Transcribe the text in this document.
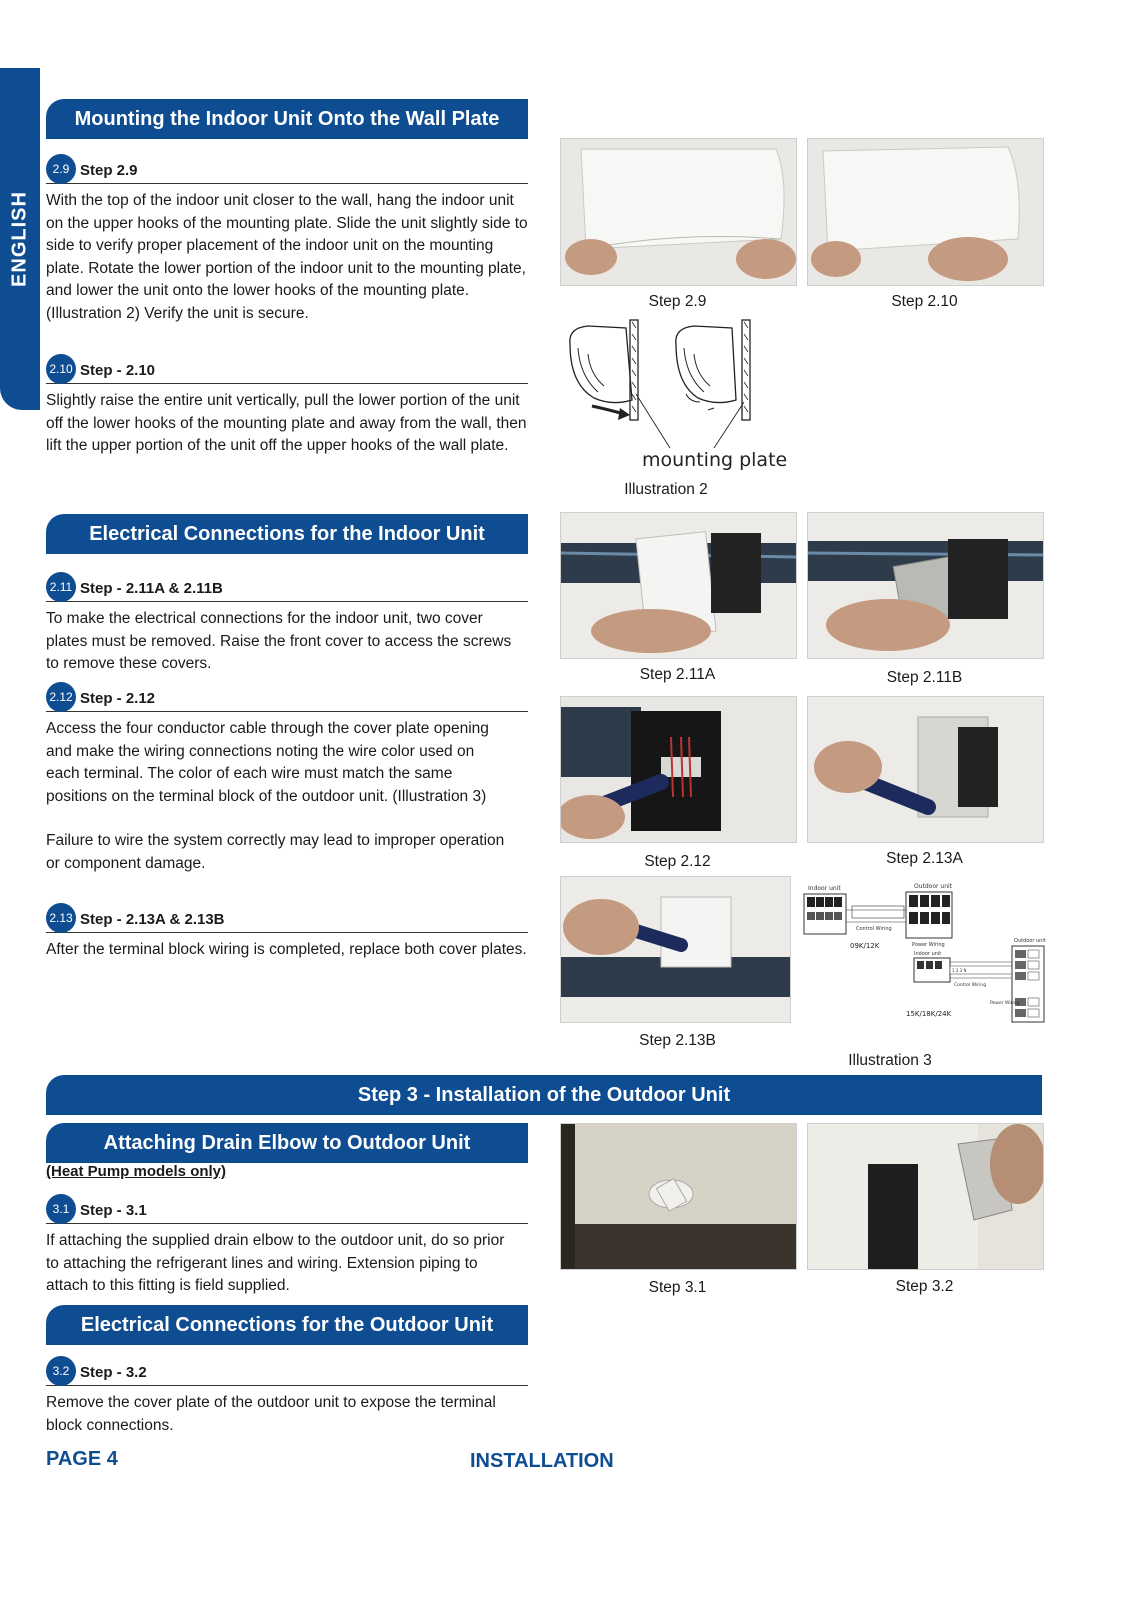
ENGLISH
Mounting the Indoor Unit Onto the Wall Plate
2.9 Step 2.9

With the top of the indoor unit closer to the wall, hang the indoor unit on the upper hooks of the mounting plate. Slide the unit slightly side to side to verify proper placement of the indoor unit on the mounting plate. Rotate the lower portion of the indoor unit to the mounting plate, and lower the unit onto the lower hooks of the mounting plate. (Illustration 2) Verify the unit is secure.

2.10 Step - 2.10

Slightly raise the entire unit vertically, pull the lower portion of the unit off the lower hooks of the mounting plate and away from the wall, then lift the upper portion of the unit off the upper hooks of the wall plate.

Step 2.9	Step 2.10
mounting plate
Illustration 2
Electrical Connections for the Indoor Unit
2.11 Step - 2.11A & 2.11B

To make the electrical connections for the indoor unit, two cover plates must be removed. Raise the front cover to access the screws to remove these covers.

2.12 Step - 2.12

Access the four conductor cable through the cover plate opening and make the wiring connections noting the wire color used on each terminal. The color of each wire must match the same positions on the terminal block of the outdoor unit. (Illustration 3)

Failure to wire the system correctly may lead to improper operation or component damage.

2.13 Step - 2.13A & 2.13B

After the terminal block wiring is completed, replace both cover plates.

Step 2.11A	Step 2.11B
Step 2.12	Step 2.13A
Step 2.13B
Indoor unit	Outdoor unit
Control Wiring
09K/12K	Power Wiring
Outdoor unit
Indoor unit
1 2 3 N
Control Wiring
Power Wiring
15K/18K/24K
Illustration 3
Step 3 - Installation of the Outdoor Unit
Attaching Drain Elbow to Outdoor Unit
(Heat Pump models only)
3.1 Step - 3.1

If attaching the supplied drain elbow to the outdoor unit, do so prior to attaching the refrigerant lines and wiring. Extension piping to attach to this fitting is field supplied.

Electrical Connections for the Outdoor Unit
3.2 Step - 3.2

Remove the cover plate of the outdoor unit to expose the terminal block connections.

Step 3.1	Step 3.2
PAGE 4	INSTALLATION
